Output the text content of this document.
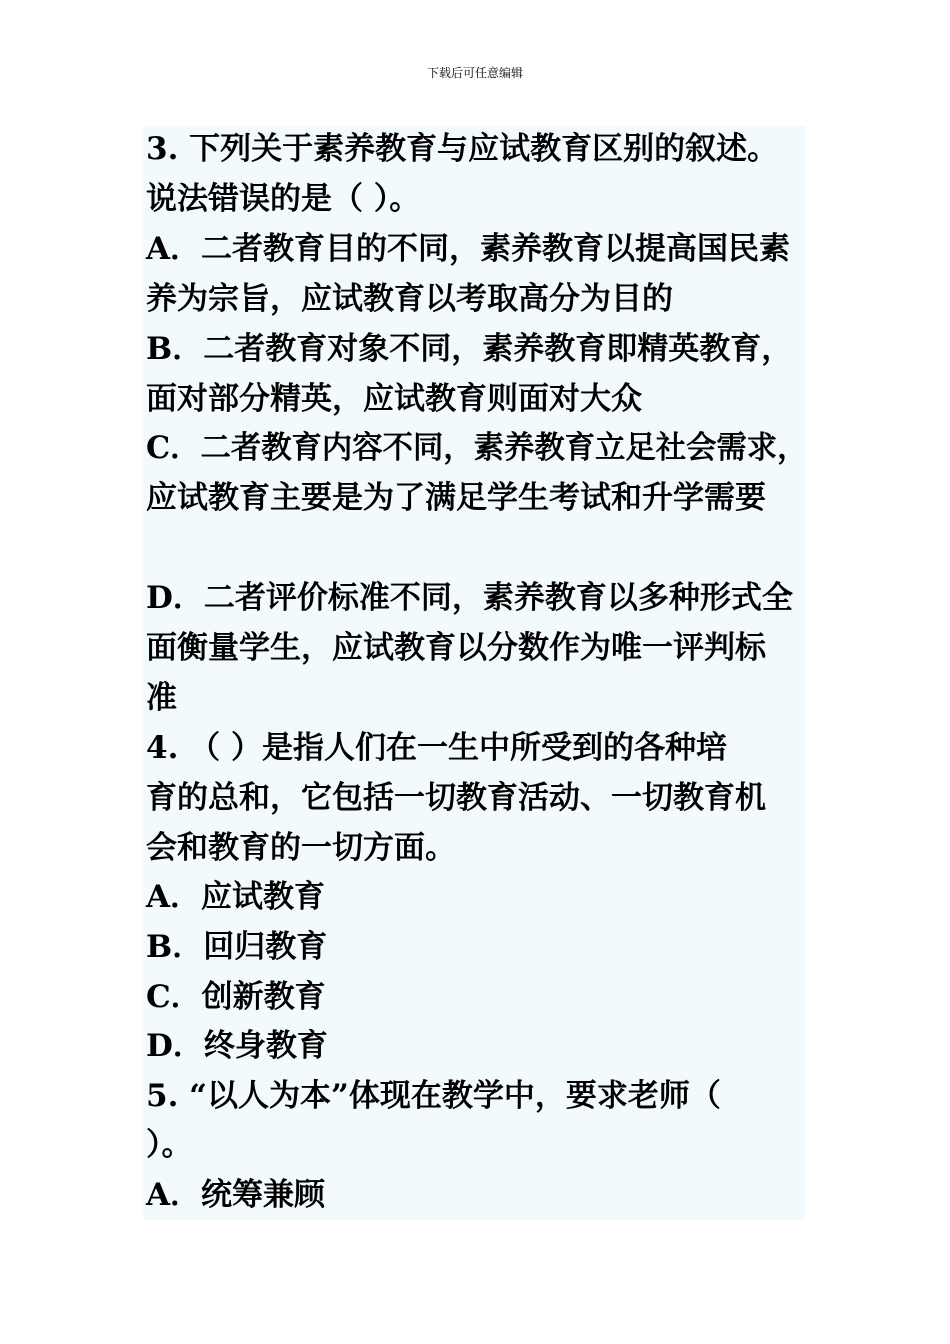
下载后可任意编辑
3. 下列关于素养教育与应试教育区别的叙述。
说法错误的是（ ）。
A．二者教育目的不同，素养教育以提高国民素
养为宗旨，应试教育以考取高分为目的
B．二者教育对象不同，素养教育即精英教育，
面对部分精英，应试教育则面对大众
C．二者教育内容不同，素养教育立足社会需求，
应试教育主要是为了满足学生考试和升学需要
D．二者评价标准不同，素养教育以多种形式全
面衡量学生，应试教育以分数作为唯一评判标
准
4. （ ）是指人们在一生中所受到的各种培
育的总和，它包括一切教育活动、一切教育机
会和教育的一切方面。
A．应试教育
B．回归教育
C．创新教育
D．终身教育
5. “以人为本”体现在教学中，要求老师（
）。
A．统筹兼顾
